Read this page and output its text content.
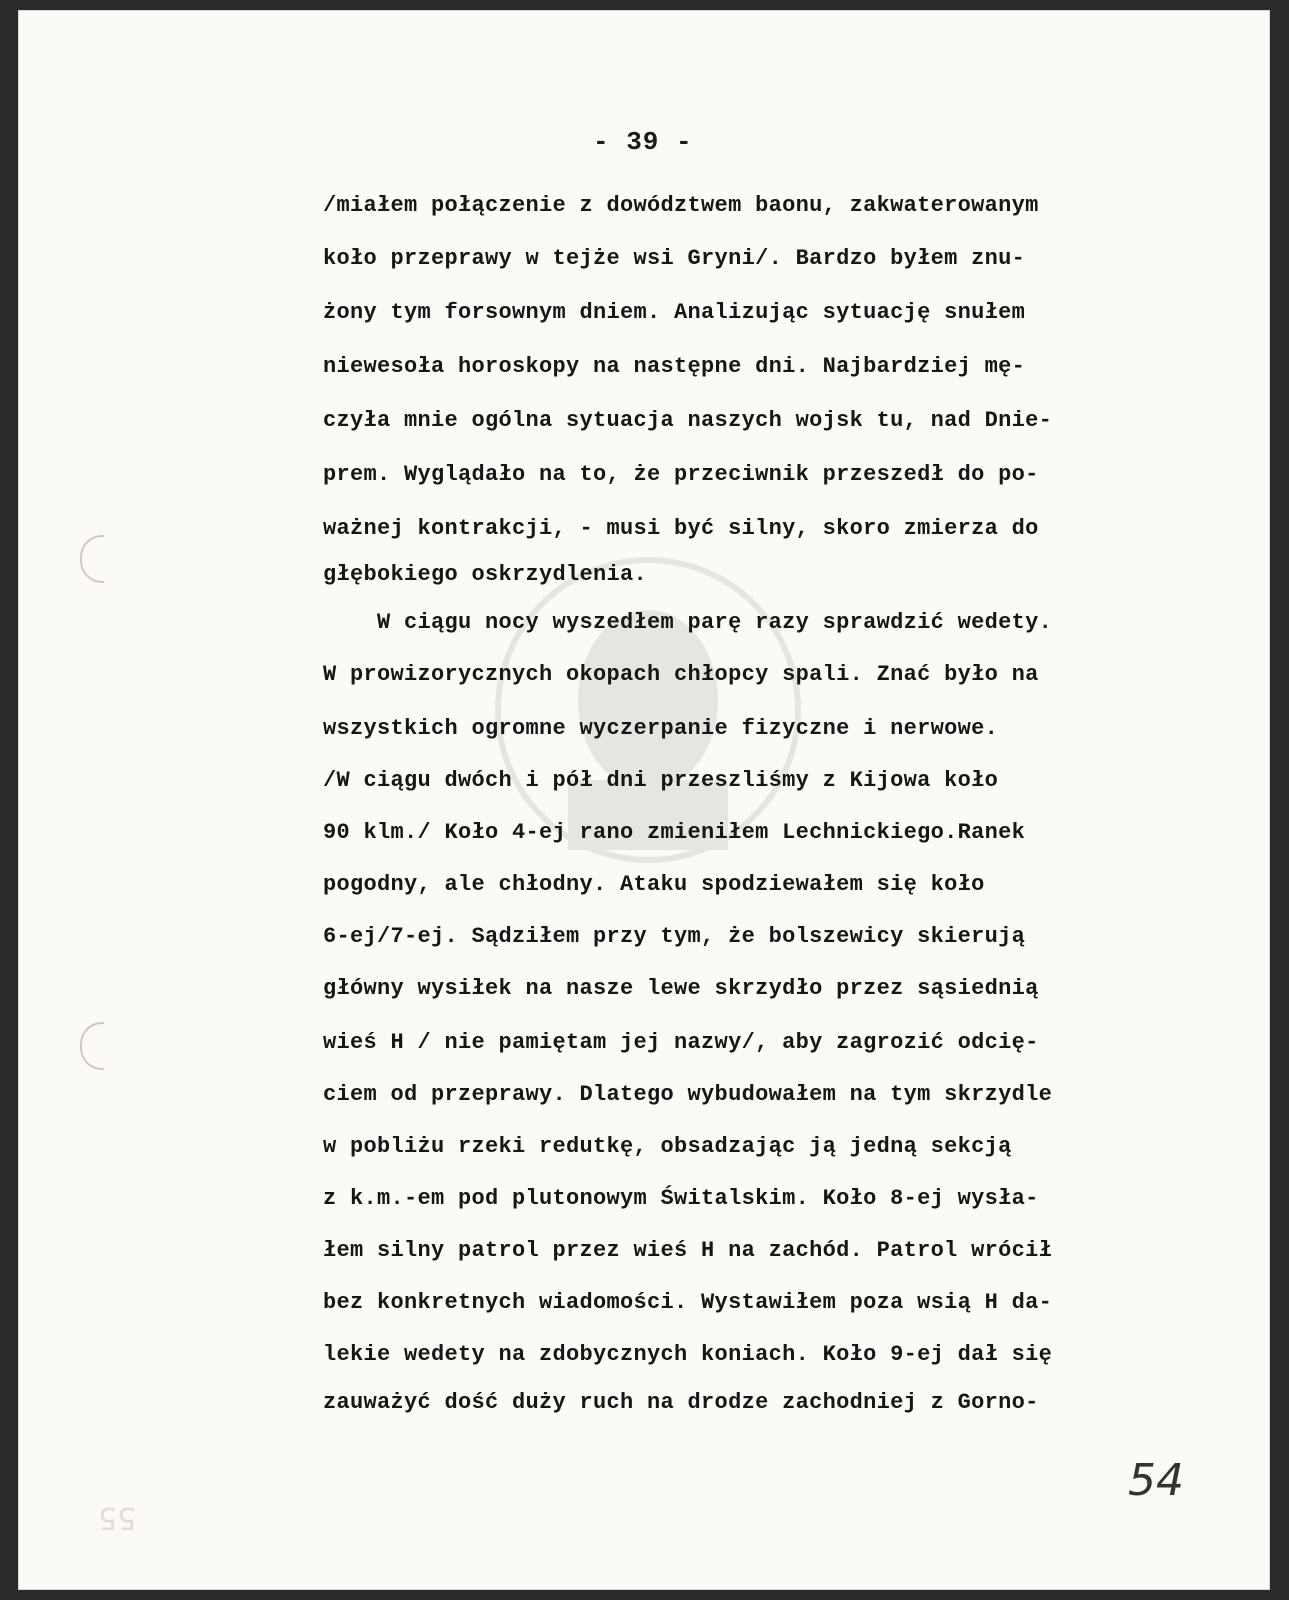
- 39 -
/miałem połączenie z dowództwem baonu, zakwaterowanym
koło przeprawy w tejże wsi Gryni/. Bardzo byłem znu-
żony tym forsownym dniem. Analizując sytuację snułem
niewesoła horoskopy na następne dni. Najbardziej mę-
czyła mnie ogólna sytuacja naszych wojsk tu, nad Dnie-
prem. Wyglądało na to, że przeciwnik przeszedł do po-
ważnej kontrakcji, - musi być silny, skoro zmierza do
głębokiego oskrzydlenia.
W ciągu nocy wyszedłem parę razy sprawdzić wedety.
W prowizorycznych okopach chłopcy spali. Znać było na
wszystkich ogromne wyczerpanie fizyczne i nerwowe.
/W ciągu dwóch i pół dni przeszliśmy z Kijowa koło
90 klm./ Koło 4-ej rano zmieniłem Lechnickiego.Ranek
pogodny, ale chłodny. Ataku spodziewałem się koło
6-ej/7-ej. Sądziłem przy tym, że bolszewicy skierują
główny wysiłek na nasze lewe skrzydło przez sąsiednią
wieś H / nie pamiętam jej nazwy/, aby zagrozić odcię-
ciem od przeprawy. Dlatego wybudowałem na tym skrzydle
w pobliżu rzeki redutkę, obsadzając ją jedną sekcją
z k.m.-em pod plutonowym Świtalskim. Koło 8-ej wysła-
łem silny patrol przez wieś H na zachód. Patrol wrócił
bez konkretnych wiadomości. Wystawiłem poza wsią H da-
lekie wedety na zdobycznych koniach. Koło 9-ej dał się
zauważyć dość duży ruch na drodze zachodniej z Gorno-
54
55
